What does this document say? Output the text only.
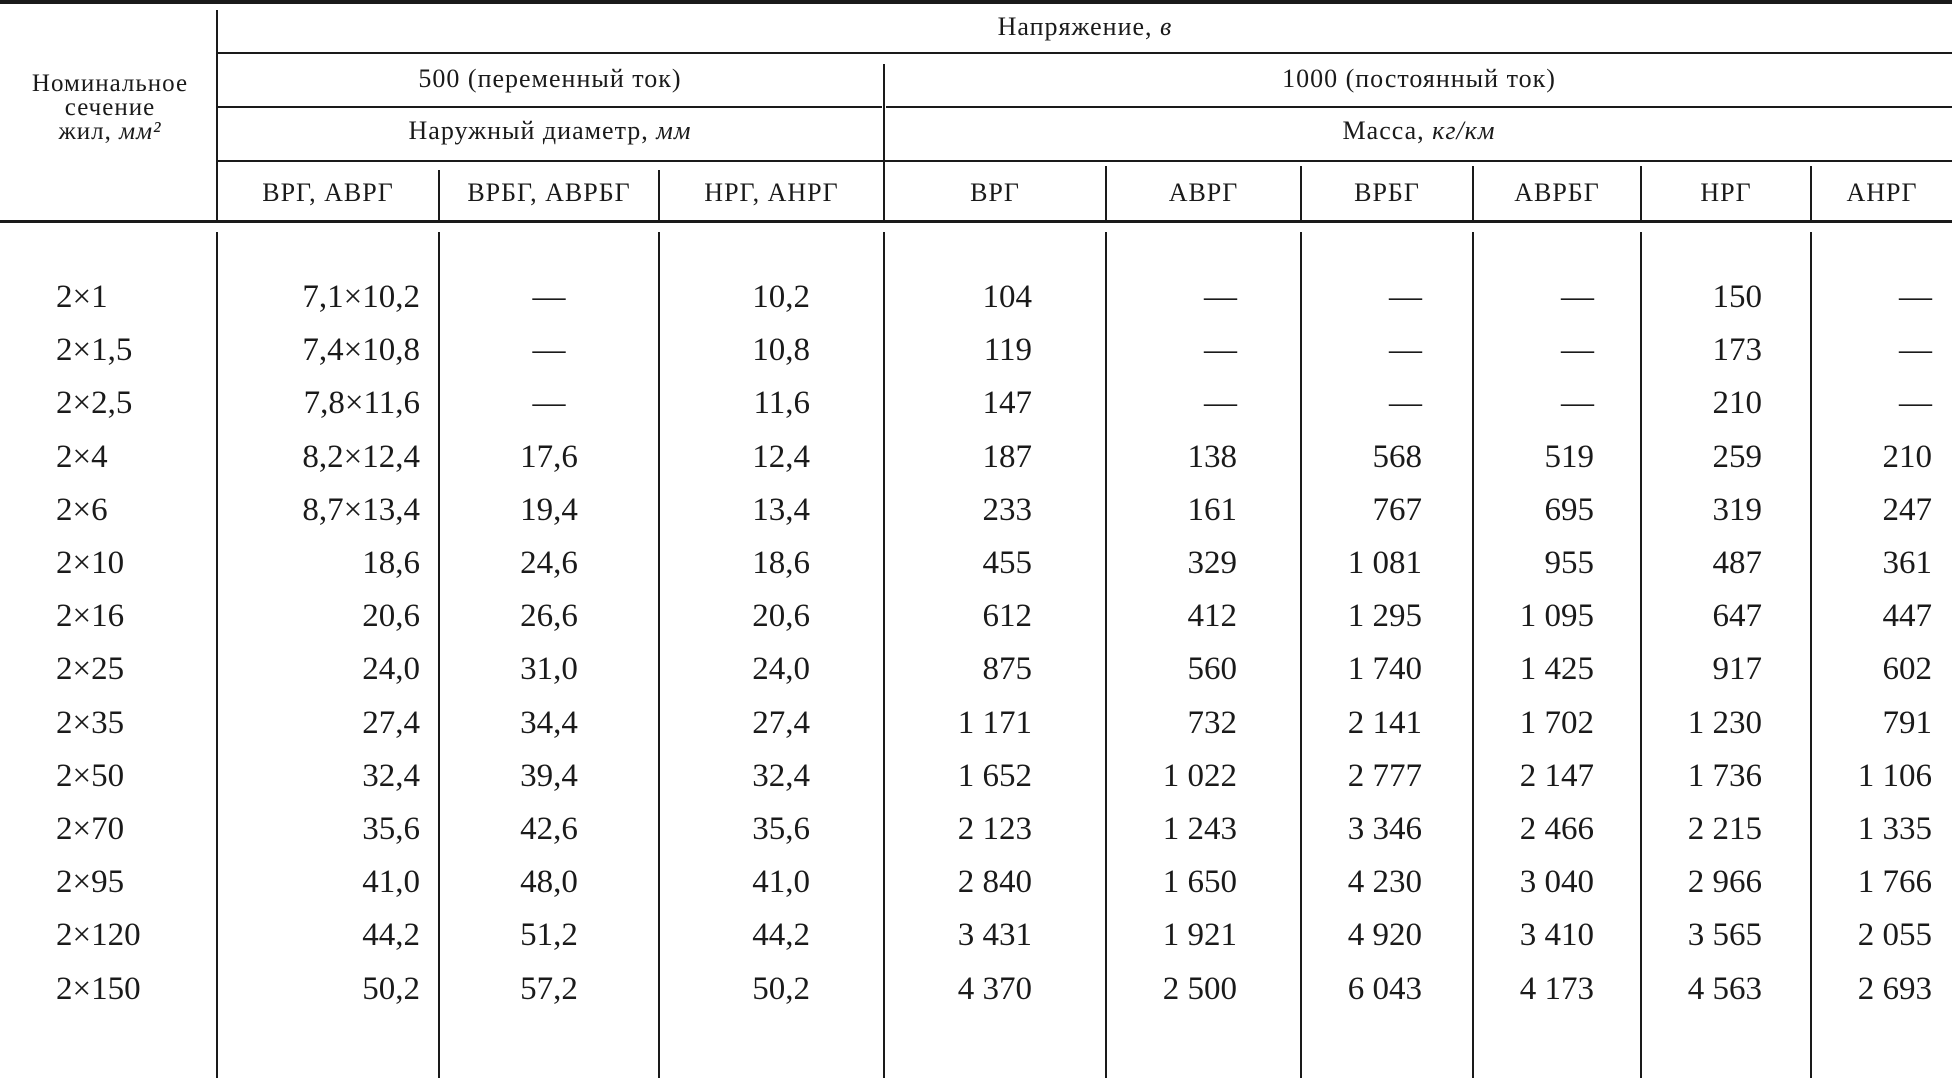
Номинальное
сечение
жил, мм²
Напряжение, в
500 (переменный ток)	1000 (постоянный ток)
Наружный диаметр, мм	Масса, кг/км
ВРГ, АВРГ	ВРБГ, АВРБГ	НРГ, АНРГ	ВРГ	АВРГ	ВРБГ	АВРБГ	НРГ	АНРГ
2×1	7,1×10,2	—	10,2	104	—	—	—	150	—
2×1,5	7,4×10,8	—	10,8	119	—	—	—	173	—
2×2,5	7,8×11,6	—	11,6	147	—	—	—	210	—
2×4	8,2×12,4	17,6	12,4	187	138	568	519	259	210
2×6	8,7×13,4	19,4	13,4	233	161	767	695	319	247
2×10	18,6	24,6	18,6	455	329	1 081	955	487	361
2×16	20,6	26,6	20,6	612	412	1 295	1 095	647	447
2×25	24,0	31,0	24,0	875	560	1 740	1 425	917	602
2×35	27,4	34,4	27,4	1 171	732	2 141	1 702	1 230	791
2×50	32,4	39,4	32,4	1 652	1 022	2 777	2 147	1 736	1 106
2×70	35,6	42,6	35,6	2 123	1 243	3 346	2 466	2 215	1 335
2×95	41,0	48,0	41,0	2 840	1 650	4 230	3 040	2 966	1 766
2×120	44,2	51,2	44,2	3 431	1 921	4 920	3 410	3 565	2 055
2×150	50,2	57,2	50,2	4 370	2 500	6 043	4 173	4 563	2 693
